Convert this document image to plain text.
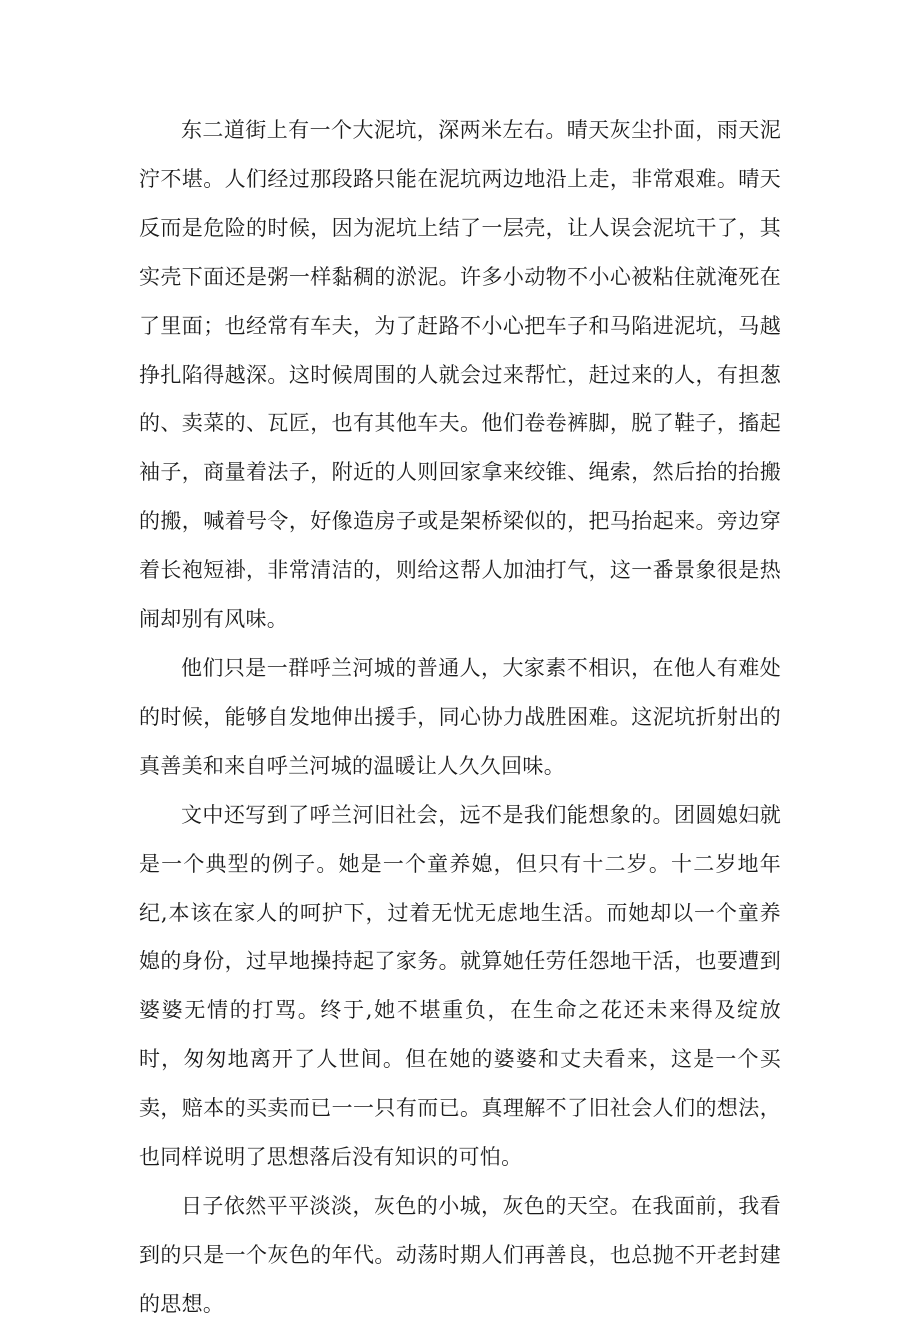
东二道街上有一个大泥坑，深两米左右。晴天灰尘扑面，雨天泥泞不堪。人们经过那段路只能在泥坑两边地沿上走，非常艰难。晴天反而是危险的时候，因为泥坑上结了一层壳，让人误会泥坑干了，其实壳下面还是粥一样黏稠的淤泥。许多小动物不小心被粘住就淹死在了里面；也经常有车夫，为了赶路不小心把车子和马陷进泥坑，马越挣扎陷得越深。这时候周围的人就会过来帮忙，赶过来的人，有担葱的、卖菜的、瓦匠，也有其他车夫。他们卷卷裤脚，脱了鞋子，搐起袖子，商量着法子，附近的人则回家拿来绞锥、绳索，然后抬的抬搬的搬，喊着号令，好像造房子或是架桥梁似的，把马抬起来。旁边穿着长袍短褂，非常清洁的，则给这帮人加油打气，这一番景象很是热闹却别有风味。

他们只是一群呼兰河城的普通人，大家素不相识，在他人有难处的时候，能够自发地伸出援手，同心协力战胜困难。这泥坑折射出的真善美和来自呼兰河城的温暖让人久久回味。

文中还写到了呼兰河旧社会，远不是我们能想象的。团圆媳妇就是一个典型的例子。她是一个童养媳，但只有十二岁。十二岁地年纪,本该在家人的呵护下，过着无忧无虑地生活。而她却以一个童养媳的身份，过早地操持起了家务。就算她任劳任怨地干活，也要遭到婆婆无情的打骂。终于,她不堪重负，在生命之花还未来得及绽放时，匆匆地离开了人世间。但在她的婆婆和丈夫看来，这是一个买卖，赔本的买卖而已一一只有而已。真理解不了旧社会人们的想法，也同样说明了思想落后没有知识的可怕。

日子依然平平淡淡，灰色的小城，灰色的天空。在我面前，我看到的只是一个灰色的年代。动荡时期人们再善良，也总抛不开老封建的思想。
